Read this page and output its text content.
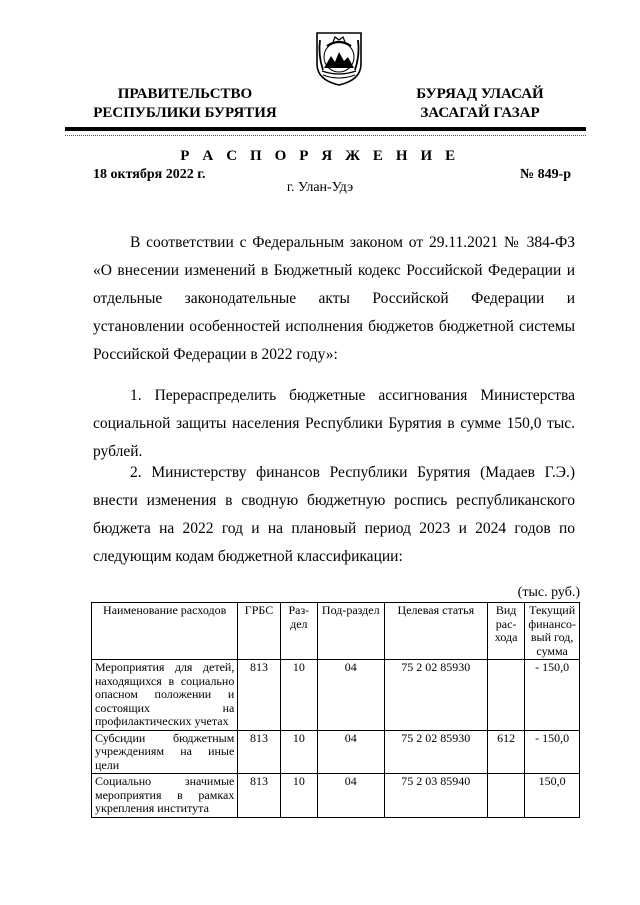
ПРАВИТЕЛЬСТВО
РЕСПУБЛИКИ БУРЯТИЯ
БУРЯАД УЛАСАЙ
ЗАСАГАЙ ГАЗАР
Р А С П О Р Я Ж Е Н И Е
18 октября 2022 г.	№ 849-р
г. Улан-Удэ

В соответствии с Федеральным законом от 29.11.2021 № 384-ФЗ «О внесении изменений в Бюджетный кодекс Российской Федерации и отдельные законодательные акты Российской Федерации и установлении особенностей исполнения бюджетов бюджетной системы Российской Федерации в 2022 году»:

1. Перераспределить бюджетные ассигнования Министерства социальной защиты населения Республики Бурятия в сумме 150,0 тыс. рублей.

2. Министерству финансов Республики Бурятия (Мадаев Г.Э.) внести изменения в сводную бюджетную роспись республиканского бюджета на 2022 год и на плановый период 2023 и 2024 годов по следующим кодам бюджетной классификации:

(тыс. руб.)
Наименование расходов	ГРБС	Раз-дел	Под-раздел	Целевая статья	Вид рас-хода	Текущий финансо-вый год, сумма
Мероприятия для детей, находящихся в социально опасном положении и состоящих на профилактических учетах	813	10	04	75 2 02 85930		- 150,0
Субсидии бюджетным учреждениям на иные цели	813	10	04	75 2 02 85930	612	- 150,0
Социально значимые мероприятия в рамках укрепления института	813	10	04	75 2 03 85940		150,0
